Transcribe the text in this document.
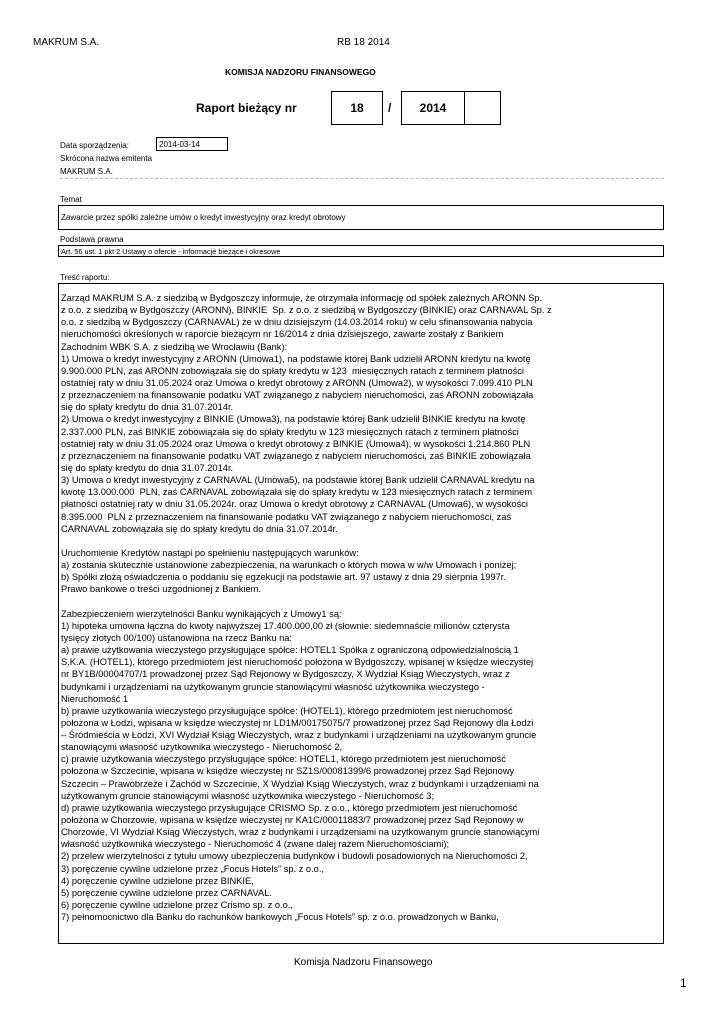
MAKRUM S.A.	RB 18 2014
KOMISJA NADZORU FINANSOWEGO
Raport bieżący nr	18	/	2014
Data sporządzenia:	2014-03-14
Skrócona nazwa emitenta
MAKRUM S.A.
Temat
Zawarcie przez spółki zależne umów o kredyt inwestycyjny oraz kredyt obrotowy
Podstawa prawna
Art. 56 ust. 1 pkt 2 Ustawy o ofercie - informacje bieżące i okresowe
Treść raportu:
Zarząd MAKRUM S.A. z siedzibą w Bydgoszczy informuje, że otrzymała informację od spółek zależnych ARONN Sp.
z o.o. z siedzibą w Bydgoszczy (ARONN), BINKIE  Sp. z o.o. z siedzibą w Bydgoszczy (BINKIE) oraz CARNAVAL Sp. z
o.o. z siedzibą w Bydgoszczy (CARNAVAL) że w dniu dzisiejszym (14.03.2014 roku) w celu sfinansowania nabycia
nieruchomości określonych w raporcie bieżącym nr 16/2014 z dnia dzisiejszego, zawarte zostały z Bankiem
Zachodnim WBK S.A. z siedzibą we Wrocławiu (Bank):
1) Umowa o kredyt inwestycyjny z ARONN (Umowa1), na podstawie której Bank udzielił ARONN kredytu na kwotę
9.900.000 PLN, zaś ARONN zobowiązała się do spłaty kredytu w 123  miesięcznych ratach z terminem płatności
ostatniej raty w dniu 31.05.2024 oraz Umowa o kredyt obrotowy z ARONN (Umowa2), w wysokości 7.099.410 PLN
z przeznaczeniem na finansowanie podatku VAT związanego z nabyciem nieruchomości, zaś ARONN zobowiązała
się do spłaty kredytu do dnia 31.07.2014r.
2) Umowa o kredyt inwestycyjny z BINKIE (Umowa3), na podstawie której Bank udzielił BINKIE kredytu na kwotę
2.337.000 PLN, zaś BINKIE zobowiązała się do spłaty kredytu w 123 miesięcznych ratach z terminem płatności
ostatniej raty w dniu 31.05.2024 oraz Umowa o kredyt obrotowy z BINKIE (Umowa4), w wysokości 1.214.860 PLN
z przeznaczeniem na finansowanie podatku VAT związanego z nabyciem nieruchomości, zaś BINKIE zobowiązała
się do spłaty kredytu do dnia 31.07.2014r.
3) Umowa o kredyt inwestycyjny z CARNAVAL (Umowa5), na podstawie której Bank udzielił CARNAVAL kredytu na
kwotę 13.000.000  PLN, zaś CARNAVAL zobowiązała się do spłaty kredytu w 123 miesięcznych ratach z terminem
płatności ostatniej raty w dniu 31.05.2024r. oraz Umowa o kredyt obrotowy z CARNAVAL (Umowa6), w wysokości
8.395.000  PLN z przeznaczeniem na finansowanie podatku VAT związanego z nabyciem nieruchomości, zaś
CARNAVAL zobowiązała się do spłaty kredytu do dnia 31.07.2014r.

Uruchomienie Kredytów nastąpi po spełnieniu następujących warunków:
a) zostania skutecznie ustanowione zabezpieczenia, na warunkach o których mowa w w/w Umowach i poniżej;
b) Spółki złożą oświadczenia o poddaniu się egzekucji na podstawie art. 97 ustawy z dnia 29 sierpnia 1997r.
Prawo bankowe o treści uzgodnionej z Bankiem.

Zabezpieczeniem wierzytelności Banku wynikających z Umowy1 są:
1) hipoteka umowna łączna do kwoty najwyższej 17.400.000,00 zł (słownie: siedemnaście milionów czterysta
tysięcy złotych 00/100) ustanowiona na rzecz Banku na:
a) prawie użytkowania wieczystego przysługujące spółce: HOTEL1 Spółka z ograniczoną odpowiedzialnością 1
S.K.A. (HOTEL1), którego przedmiotem jest nieruchomość położona w Bydgoszczy, wpisanej w księdze wieczystej
nr BY1B/00004707/1 prowadzonej przez Sąd Rejonowy w Bydgoszczy, X Wydział Ksiąg Wieczystych, wraz z
budynkami i urządzeniami na użytkowanym gruncie stanowiącymi własność użytkownika wieczystego -
Nieruchomość 1
b) prawie użytkowania wieczystego przysługujące spółce: (HOTEL1), którego przedmiotem jest nieruchomość
położona w Łodzi, wpisana w księdze wieczystej nr LD1M/00175075/7 prowadzonej przez Sąd Rejonowy dla Łodzi
– Śródmieścia w Łodzi, XVI Wydział Ksiąg Wieczystych, wraz z budynkami i urządzeniami na użytkowanym gruncie
stanowiącymi własność użytkownika wieczystego - Nieruchomość 2,
c) prawie użytkowania wieczystego przysługujące spółce: HOTEL1, którego przedmiotem jest nieruchomość
położona w Szczecinie, wpisana w księdze wieczystej nr SZ1S/00081399/6 prowadzonej przez Sąd Rejonowy
Szczecin – Prawobrzeże i Zachód w Szczecinie, X Wydział Ksiąg Wieczystych, wraz z budynkami i urządzeniami na
użytkowanym gruncie stanowiącymi własność użytkownika wieczystego - Nieruchomość 3;
d) prawie użytkowania wieczystego przysługujące CRISMO Sp. z o.o., którego przedmiotem jest nieruchomość
położona w Chorzowie, wpisana w księdze wieczystej nr KA1C/00011883/7 prowadzonej przez Sąd Rejonowy w
Chorzowie, VI Wydział Ksiąg Wieczystych, wraz z budynkami i urządzeniami na użytkowanym gruncie stanowiącymi
własność użytkownika wieczystego - Nieruchomość 4 (zwane dalej razem Nieruchomościami);
2) przelew wierzytelności z tytułu umowy ubezpieczenia budynków i budowli posadowionych na Nieruchomości 2,
3) poręczenie cywilne udzielone przez „Focus Hotels” sp. z o.o.,
4) poręczenie cywilne udzielone przez BINKIE,
5) poręczenie cywilne udzielone przez CARNAVAL.
6) poręczenie cywilne udzielone przez Crismo sp. z o.o.,
7) pełnomocnictwo dla Banku do rachunków bankowych „Focus Hotels” sp. z o.o. prowadzonych w Banku,
Komisja Nadzoru Finansowego
1
